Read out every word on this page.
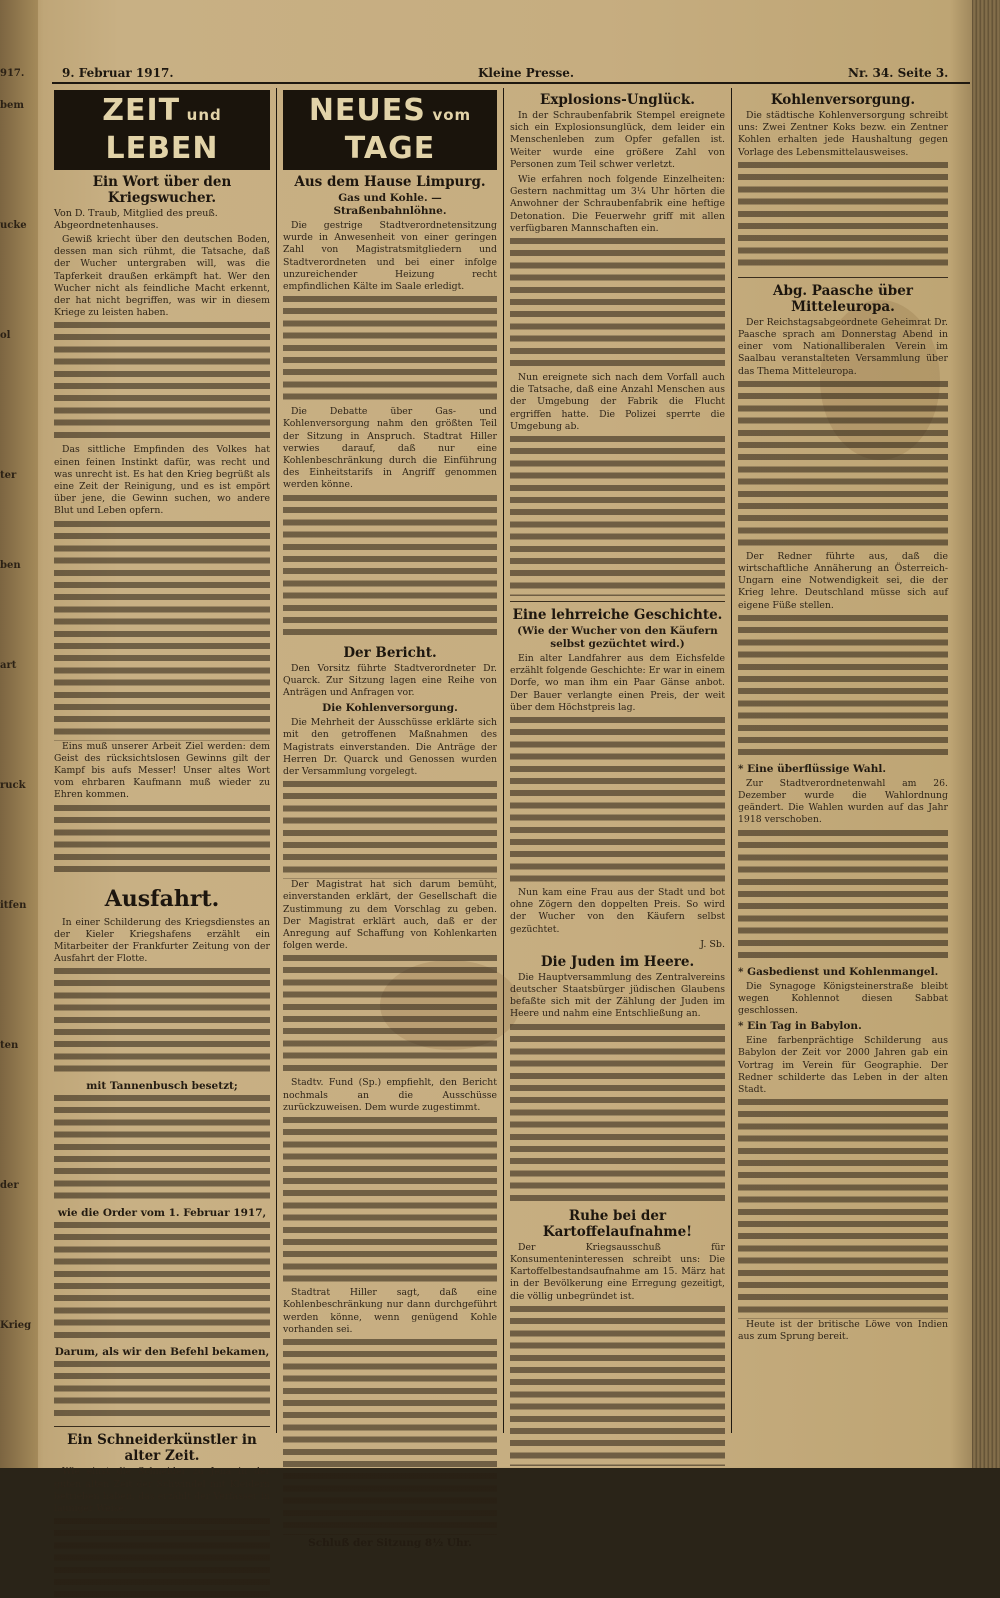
917.
bem
ucke
ol
ter
ben
art
ruck
itfen
ten
der
Krieg
9. Februar 1917.	Kleine Presse.	Nr. 34. Seite 3.
ZEIT und LEBEN
Ein Wort über den Kriegswucher.
Von D. Traub, Mitglied des preuß. Abgeordnetenhauses.

Gewiß kriecht über den deutschen Boden, dessen man sich rühmt, die Tatsache, daß der Wucher untergraben will, was die Tapferkeit draußen erkämpft hat. Wer den Wucher nicht als feindliche Macht erkennt, der hat nicht begriffen, was wir in diesem Kriege zu leisten haben.

Das sittliche Empfinden des Volkes hat einen feinen Instinkt dafür, was recht und was unrecht ist. Es hat den Krieg begrüßt als eine Zeit der Reinigung, und es ist empört über jene, die Gewinn suchen, wo andere Blut und Leben opfern.

Eins muß unserer Arbeit Ziel werden: dem Geist des rücksichtslosen Gewinns gilt der Kampf bis aufs Messer! Unser altes Wort vom ehrbaren Kaufmann muß wieder zu Ehren kommen.

Ausfahrt.

In einer Schilderung des Kriegsdienstes an der Kieler Kriegshafens erzählt ein Mitarbeiter der Frankfurter Zeitung von der Ausfahrt der Flotte.

mit Tannenbusch besetzt;
wie die Order vom 1. Februar 1917,
Darum, als wir den Befehl bekamen,
Ein Schneiderkünstler in alter Zeit.

Wie einst die Schneider zu Jena in der guten alten Zeit der Schwindel mit Kleidern betrieben haben, das erzählt der Verfasser in launiger Weise.

NEUES vom TAGE
Aus dem Hause Limpurg.
Gas und Kohle. — Straßenbahnlöhne.

Die gestrige Stadtverordnetensitzung wurde in Anwesenheit von einer geringen Zahl von Magistratsmitgliedern und Stadtverordneten und bei einer infolge unzureichender Heizung recht empfindlichen Kälte im Saale erledigt.

Die Debatte über Gas- und Kohlenversorgung nahm den größten Teil der Sitzung in Anspruch. Stadtrat Hiller verwies darauf, daß nur eine Kohlenbeschränkung durch die Einführung des Einheitstarifs in Angriff genommen werden könne.

Der Bericht.

Den Vorsitz führte Stadtverordneter Dr. Quarck. Zur Sitzung lagen eine Reihe von Anträgen und Anfragen vor.

Die Kohlenversorgung.

Die Mehrheit der Ausschüsse erklärte sich mit den getroffenen Maßnahmen des Magistrats einverstanden. Die Anträge der Herren Dr. Quarck und Genossen wurden der Versammlung vorgelegt.

Der Magistrat hat sich darum bemüht, einverstanden erklärt, der Gesellschaft die Zustimmung zu dem Vorschlag zu geben. Der Magistrat erklärt auch, daß er der Anregung auf Schaffung von Kohlenkarten folgen werde.

Stadtv. Fund (Sp.) empfiehlt, den Bericht nochmals an die Ausschüsse zurückzuweisen. Dem wurde zugestimmt.

Stadtrat Hiller sagt, daß eine Kohlenbeschränkung nur dann durchgeführt werden könne, wenn genügend Kohle vorhanden sei.

Schluß der Sitzung 8½ Uhr.
Explosions-Unglück.

In der Schraubenfabrik Stempel ereignete sich ein Explosionsunglück, dem leider ein Menschenleben zum Opfer gefallen ist. Weiter wurde eine größere Zahl von Personen zum Teil schwer verletzt.

Wie erfahren noch folgende Einzelheiten: Gestern nachmittag um 3¼ Uhr hörten die Anwohner der Schraubenfabrik eine heftige Detonation. Die Feuerwehr griff mit allen verfügbaren Mannschaften ein.

Nun ereignete sich nach dem Vorfall auch die Tatsache, daß eine Anzahl Menschen aus der Umgebung der Fabrik die Flucht ergriffen hatte. Die Polizei sperrte die Umgebung ab.

Eine lehrreiche Geschichte.
(Wie der Wucher von den Käufern selbst gezüchtet wird.)

Ein alter Landfahrer aus dem Eichsfelde erzählt folgende Geschichte: Er war in einem Dorfe, wo man ihm ein Paar Gänse anbot. Der Bauer verlangte einen Preis, der weit über dem Höchstpreis lag.

Nun kam eine Frau aus der Stadt und bot ohne Zögern den doppelten Preis. So wird der Wucher von den Käufern selbst gezüchtet.

J. Sb.
Die Juden im Heere.

Die Hauptversammlung des Zentralvereins deutscher Staatsbürger jüdischen Glaubens befaßte sich mit der Zählung der Juden im Heere und nahm eine Entschließung an.

Ruhe bei der Kartoffelaufnahme!

Der Kriegsausschuß für Konsumenteninteressen schreibt uns: Die Kartoffelbestandsaufnahme am 15. März hat in der Bevölkerung eine Erregung gezeitigt, die völlig unbegründet ist.

Kohlenversorgung.

Die städtische Kohlenversorgung schreibt uns: Zwei Zentner Koks bezw. ein Zentner Kohlen erhalten jede Haushaltung gegen Vorlage des Lebensmittelausweises.

Abg. Paasche über Mitteleuropa.

Der Reichstagsabgeordnete Geheimrat Dr. Paasche sprach am Donnerstag Abend in einer vom Nationalliberalen Verein im Saalbau veranstalteten Versammlung über das Thema Mitteleuropa.

Der Redner führte aus, daß die wirtschaftliche Annäherung an Österreich-Ungarn eine Notwendigkeit sei, die der Krieg lehre. Deutschland müsse sich auf eigene Füße stellen.

* Eine überflüssige Wahl.

Zur Stadtverordnetenwahl am 26. Dezember wurde die Wahlordnung geändert. Die Wahlen wurden auf das Jahr 1918 verschoben.

* Gasbedienst und Kohlenmangel.

Die Synagoge Königsteinerstraße bleibt wegen Kohlennot diesen Sabbat geschlossen.

* Ein Tag in Babylon.

Eine farbenprächtige Schilderung aus Babylon der Zeit vor 2000 Jahren gab ein Vortrag im Verein für Geographie. Der Redner schilderte das Leben in der alten Stadt.

Heute ist der britische Löwe von Indien aus zum Sprung bereit.
